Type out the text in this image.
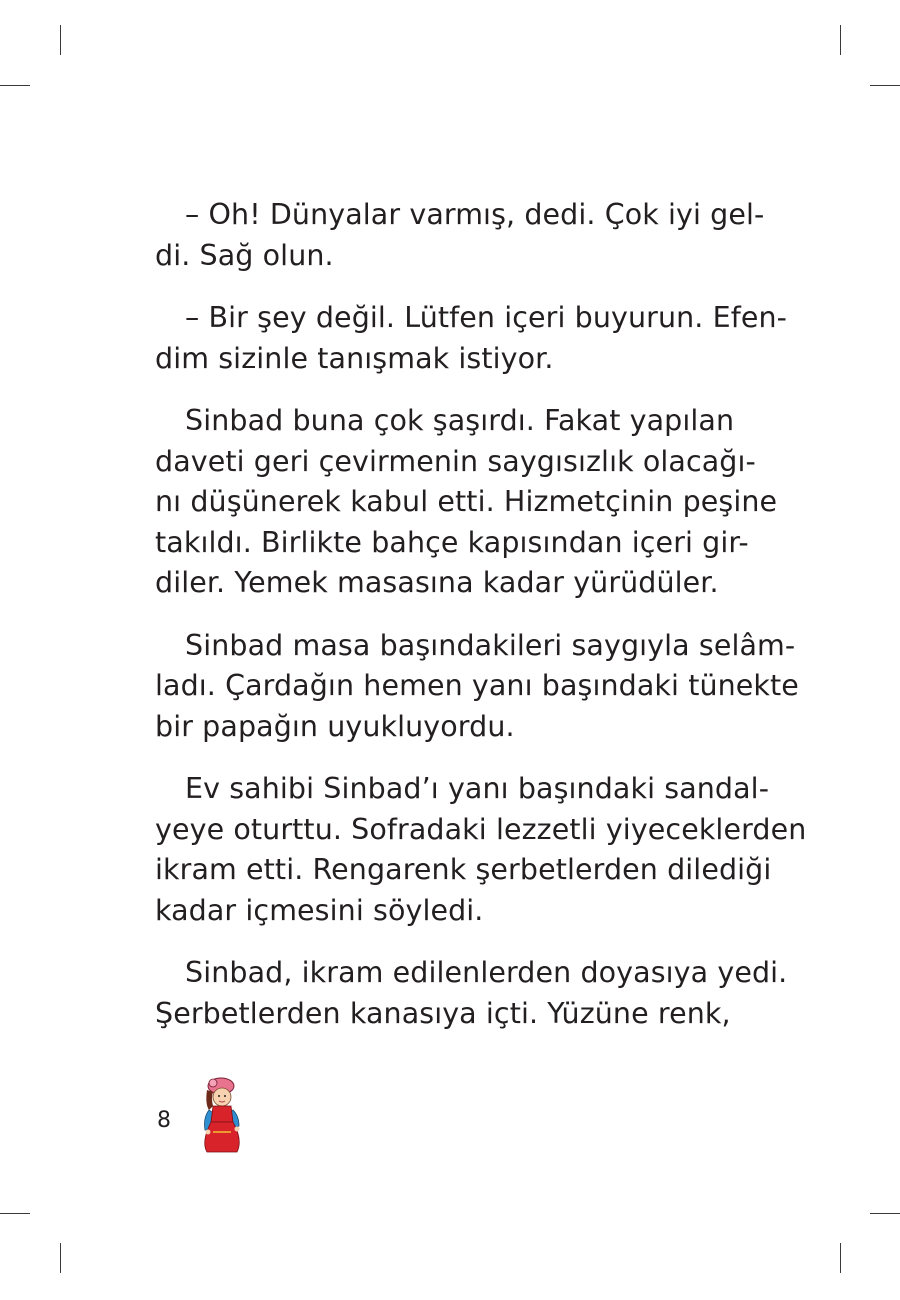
– Oh! Dünyalar varmış, dedi. Çok iyi gel-
di. Sağ olun.

– Bir şey değil. Lütfen içeri buyurun. Efen-
dim sizinle tanışmak istiyor.

Sinbad buna çok şaşırdı. Fakat yapılan
daveti geri çevirmenin saygısızlık olacağı-
nı düşünerek kabul etti. Hizmetçinin peşine
takıldı. Birlikte bahçe kapısından içeri gir-
diler. Yemek masasına kadar yürüdüler.

Sinbad masa başındakileri saygıyla selâm-
ladı. Çardağın hemen yanı başındaki tünekte
bir papağın uyukluyordu.

Ev sahibi Sinbad’ı yanı başındaki sandal-
yeye oturttu. Sofradaki lezzetli yiyeceklerden
ikram etti. Rengarenk şerbetlerden dilediği
kadar içmesini söyledi.

Sinbad, ikram edilenlerden doyasıya yedi.
Şerbetlerden kanasıya içti. Yüzüne renk,

8
